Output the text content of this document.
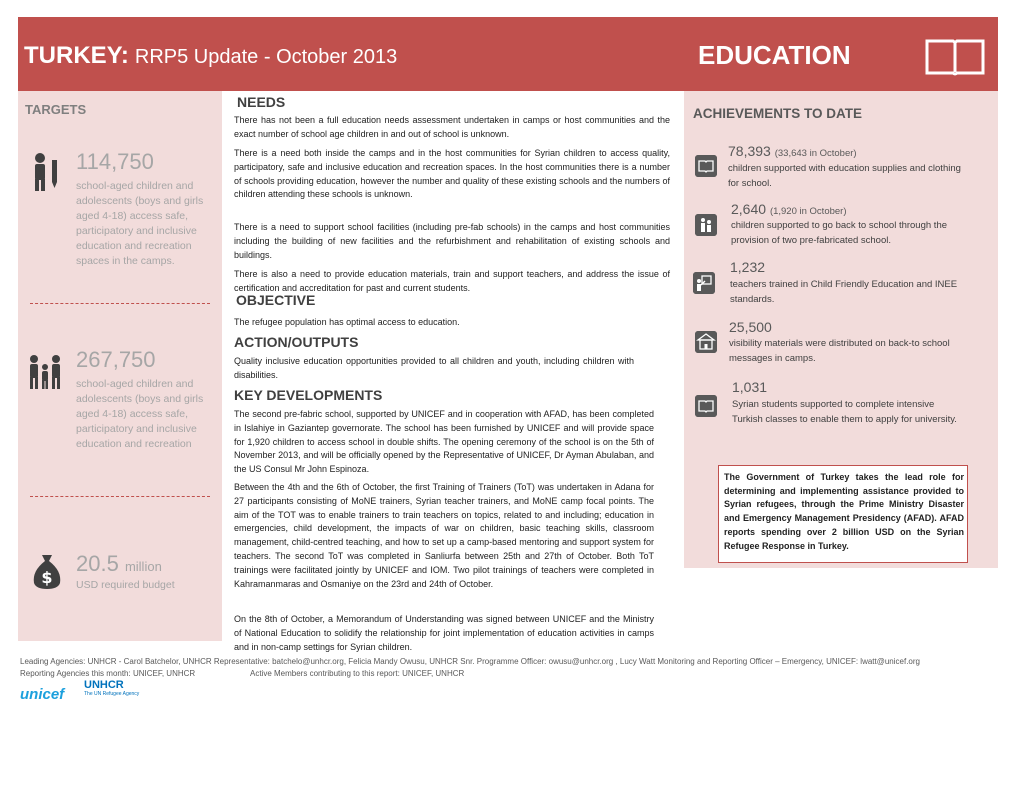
TURKEY: RRP5 Update - October 2013	EDUCATION
TARGETS
114,750
school-aged children and adolescents (boys and girls aged 4-18) access safe, participatory and inclusive education and recreation spaces in the camps.
267,750
school-aged children and adolescents (boys and girls aged 4-18) access safe, participatory and inclusive education and recreation
$
20.5 million
USD required budget
NEEDS
There has not been a full education needs assessment undertaken in camps or host communities and the exact number of school age children in and out of school is unknown.
There is a need both inside the camps and in the host communities for Syrian children to access quality, participatory, safe and inclusive education and recreation spaces. In the host communities there is a number of schools providing education, however the number and quality of these existing schools and the numbers of children attending these schools is unknown.
There is a need to support school facilities (including pre-fab schools) in the camps and host communities including the building of new facilities and the refurbishment and rehabilitation of existing schools and buildings.
There is also a need to provide education materials, train and support teachers, and address the issue of certification and accreditation for past and current students.
OBJECTIVE
The refugee population has optimal access to education.
ACTION/OUTPUTS
Quality inclusive education opportunities provided to all children and youth, including children with disabilities.
KEY DEVELOPMENTS
The second pre-fabric school, supported by UNICEF and in cooperation with AFAD, has been completed in Islahiye in Gaziantep governorate. The school has been furnished by UNICEF and will provide space for 1,920 children to access school in double shifts. The opening ceremony of the school is on the 5th of November 2013, and will be officially opened by the Representative of UNICEF, Dr Ayman Abulaban, and the US Consul Mr John Espinoza.
Between the 4th and the 6th of October, the first Training of Trainers (ToT) was undertaken in Adana for 27 participants consisting of MoNE trainers, Syrian teacher trainers, and MoNE camp focal points. The aim of the TOT was to enable trainers to train teachers on topics, related to and including; education in emergencies, child development, the impacts of war on children, basic teaching skills, classroom management, child-centred teaching, and how to set up a camp-based mentoring and support system for teachers. The second ToT was completed in Sanliurfa between 25th and 27th of October. Both ToT trainings were facilitated jointly by UNICEF and IOM. Two pilot trainings of teachers were completed in Kahramanmaras and Osmaniye on the 23rd and 24th of October.
On the 8th of October, a Memorandum of Understanding was signed between UNICEF and the Ministry of National Education to solidify the relationship for joint implementation of education activities in camps and in non-camp settings for Syrian children.
ACHIEVEMENTS TO DATE
78,393 (33,643 in October)
children supported with education supplies and clothing for school.
2,640 (1,920 in October)
children supported to go back to school through the provision of two pre-fabricated school.
1,232
teachers trained in Child Friendly Education and INEE standards.
25,500
visibility materials were distributed on back-to school messages in camps.
1,031
Syrian students supported to complete intensive Turkish classes to enable them to apply for university.
The Government of Turkey takes the lead role for determining and implementing assistance provided to Syrian refugees, through the Prime Ministry Disaster and Emergency Management Presidency (AFAD). AFAD reports spending over 2 billion USD on the Syrian Refugee Response in Turkey.
Leading Agencies: UNHCR - Carol Batchelor, UNHCR Representative: batchelo@unhcr.org, Felicia Mandy Owusu, UNHCR Snr. Programme Officer: owusu@unhcr.org , Lucy Watt Monitoring and Reporting Officer – Emergency, UNICEF: lwatt@unicef.org
Reporting Agencies this month: UNICEF, UNHCR	Active Members contributing to this report: UNICEF, UNHCR
unicef
UNHCR
The UN Refugee Agency
